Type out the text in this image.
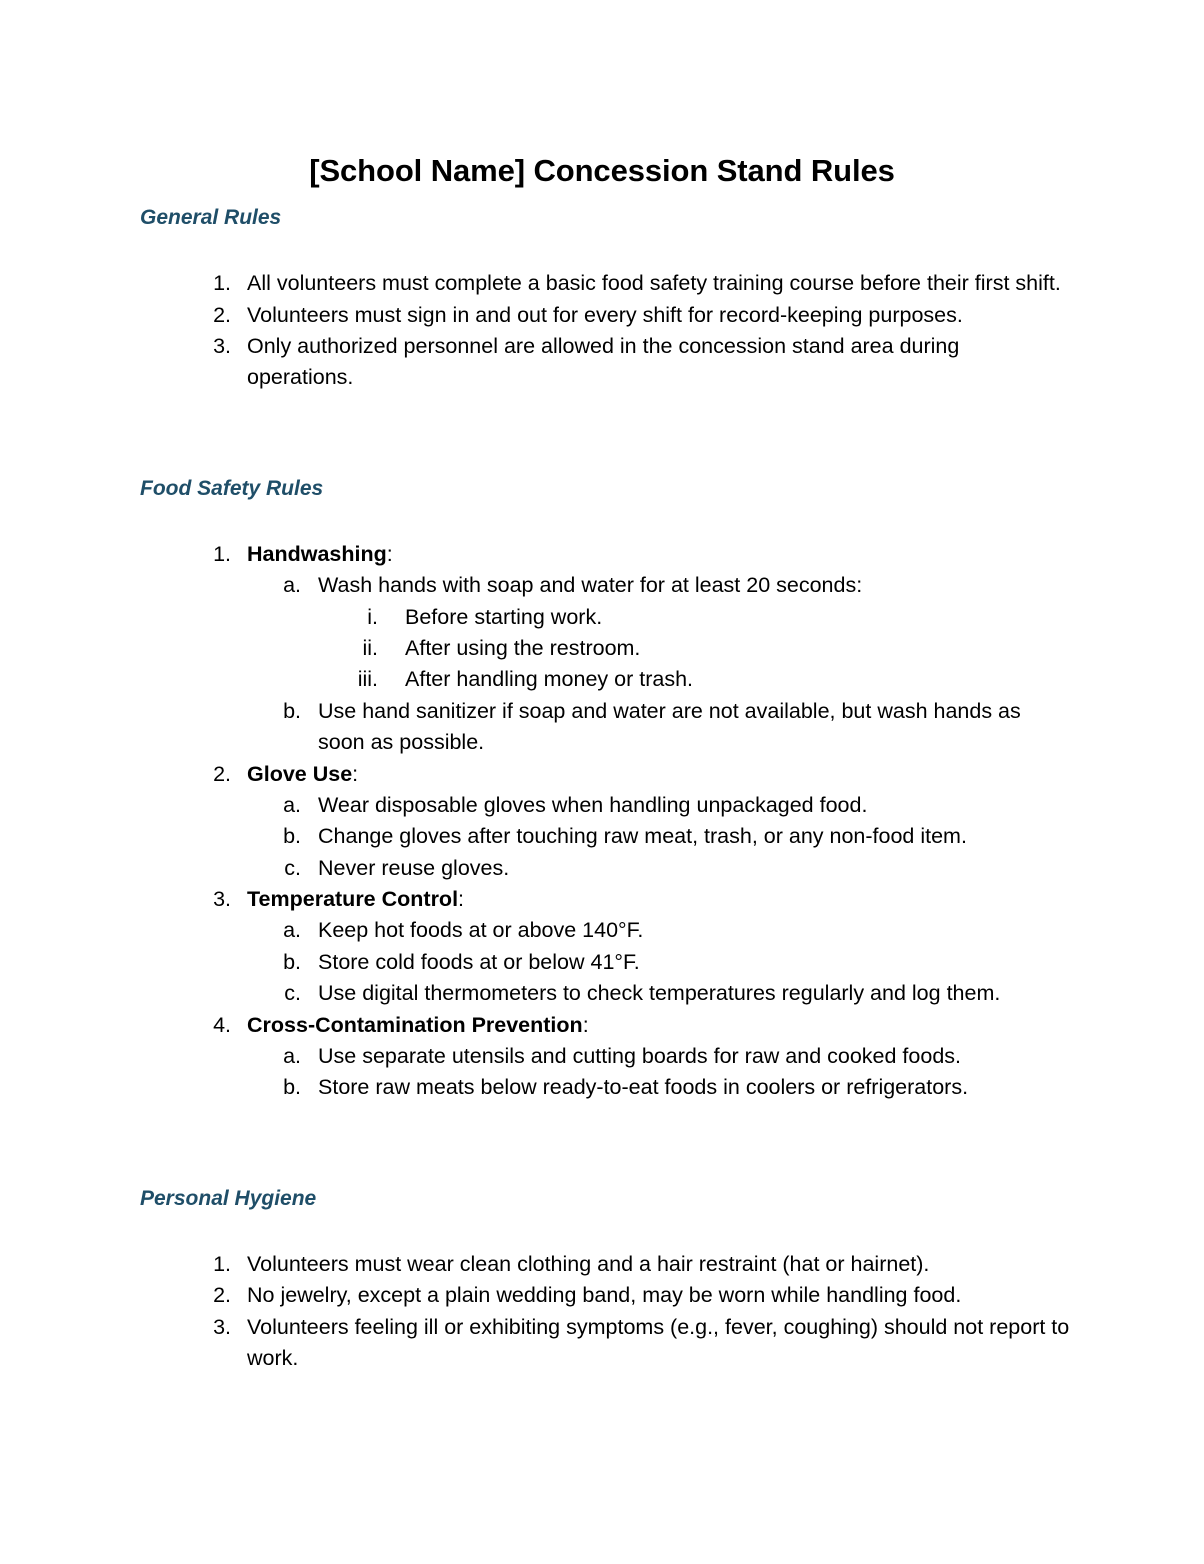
[School Name] Concession Stand Rules
General Rules
1. All volunteers must complete a basic food safety training course before their first shift.
2. Volunteers must sign in and out for every shift for record-keeping purposes.
3. Only authorized personnel are allowed in the concession stand area during operations.
Food Safety Rules
1. Handwashing:
a. Wash hands with soap and water for at least 20 seconds:
i. Before starting work.
ii. After using the restroom.
iii. After handling money or trash.
b. Use hand sanitizer if soap and water are not available, but wash hands as soon as possible.
2. Glove Use:
a. Wear disposable gloves when handling unpackaged food.
b. Change gloves after touching raw meat, trash, or any non-food item.
c. Never reuse gloves.
3. Temperature Control:
a. Keep hot foods at or above 140°F.
b. Store cold foods at or below 41°F.
c. Use digital thermometers to check temperatures regularly and log them.
4. Cross-Contamination Prevention:
a. Use separate utensils and cutting boards for raw and cooked foods.
b. Store raw meats below ready-to-eat foods in coolers or refrigerators.
Personal Hygiene
1. Volunteers must wear clean clothing and a hair restraint (hat or hairnet).
2. No jewelry, except a plain wedding band, may be worn while handling food.
3. Volunteers feeling ill or exhibiting symptoms (e.g., fever, coughing) should not report to work.
